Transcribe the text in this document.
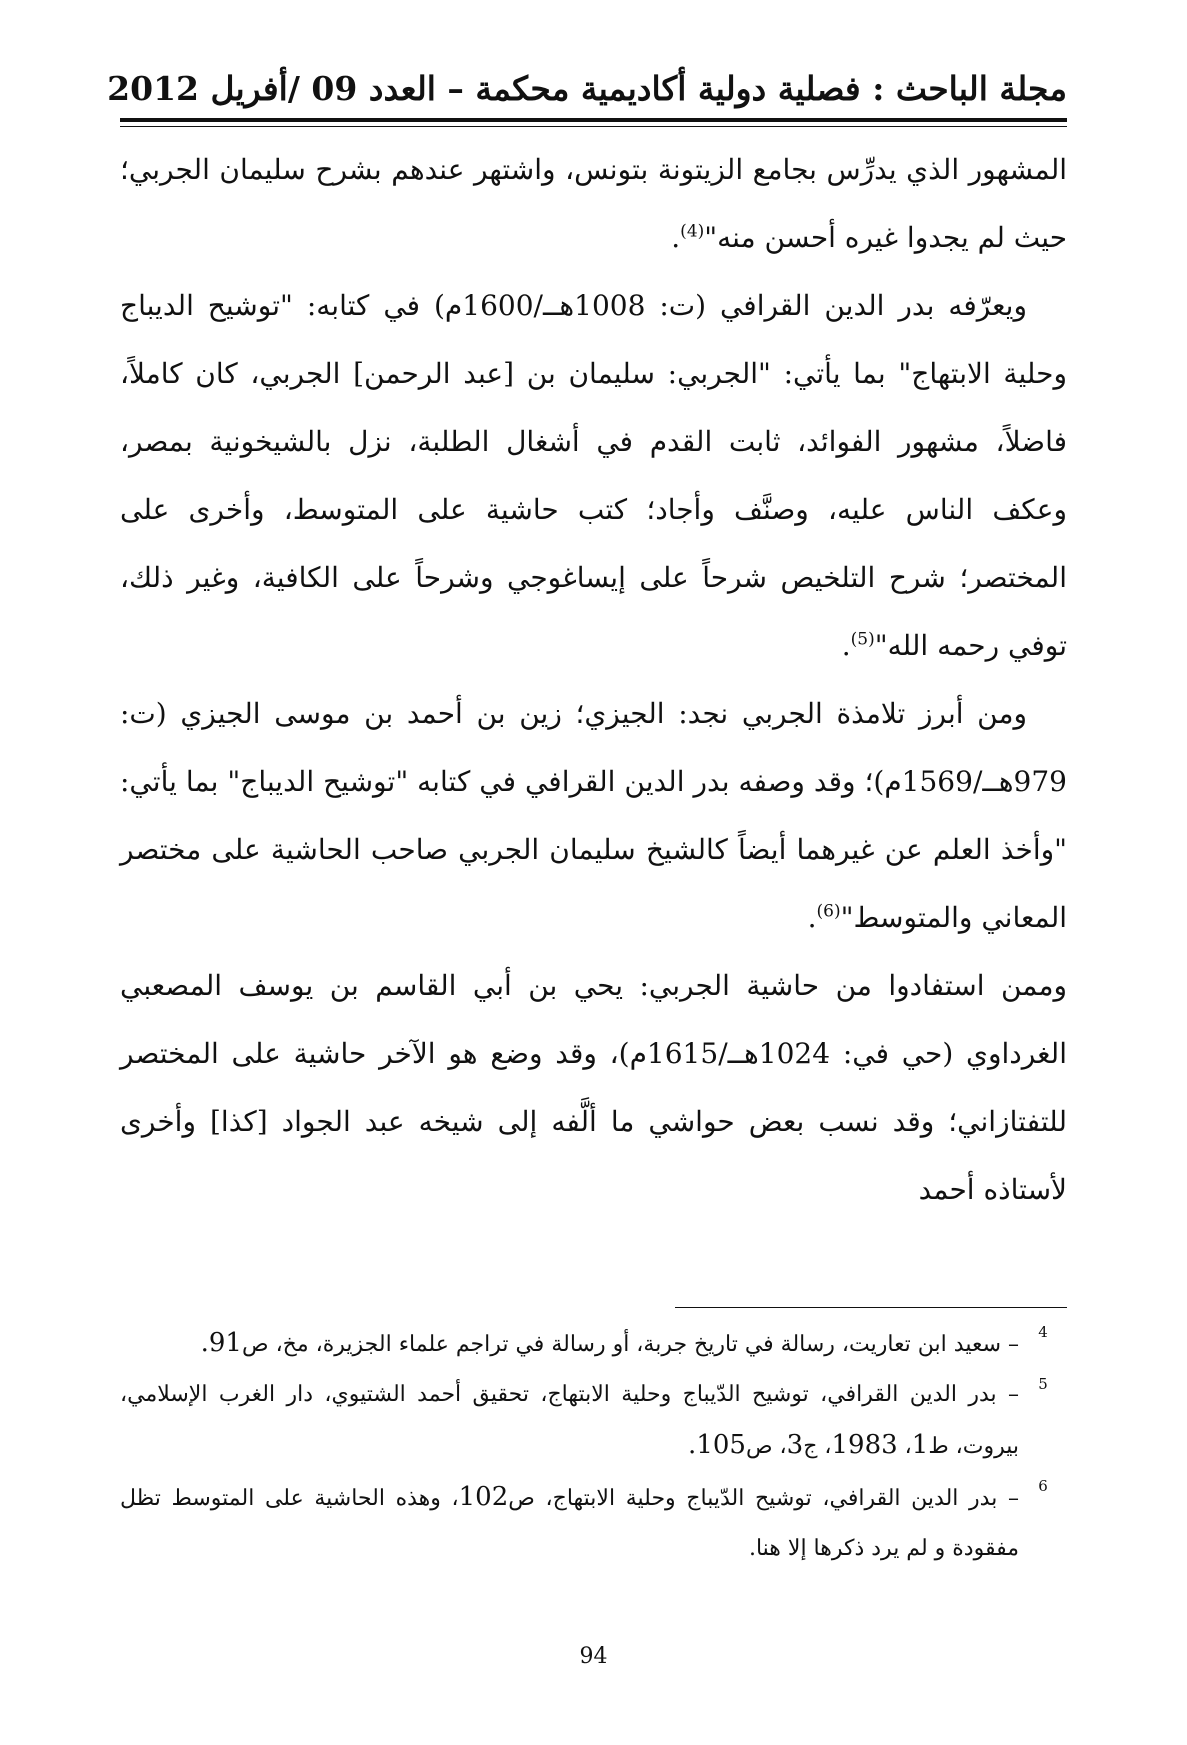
مجلة الباحث : فصلية دولية أكاديمية محكمة – العدد 09 /أفريل 2012

المشهور الذي يدرِّس بجامع الزيتونة بتونس، واشتهر عندهم بشرح سليمان الجربي؛ حيث لم يجدوا غيره أحسن منه"$^{(4)}$.

ويعرّفه بدر الدين القرافي (ت: 1008هــ/1600م) في كتابه: "توشيح الديباج وحلية الابتهاج" بما يأتي: "الجربي: سليمان بن [عبد الرحمن] الجربي، كان كاملاً، فاضلاً، مشهور الفوائد، ثابت القدم في أشغال الطلبة، نزل بالشيخونية بمصر، وعكف الناس عليه، وصنَّف وأجاد؛ كتب حاشية على المتوسط، وأخرى على المختصر؛ شرح التلخيص شرحاً على إيساغوجي وشرحاً على الكافية، وغير ذلك، توفي رحمه الله"$^{(5)}$.

ومن أبرز تلامذة الجربي نجد: الجيزي؛ زين بن أحمد بن موسى الجيزي (ت: 979هــ/1569م)؛ وقد وصفه بدر الدين القرافي في كتابه "توشيح الديباج" بما يأتي: "وأخذ العلم عن غيرهما أيضاً كالشيخ سليمان الجربي صاحب الحاشية على مختصر المعاني والمتوسط"$^{(6)}$.

وممن استفادوا من حاشية الجربي: يحي بن أبي القاسم بن يوسف المصعبي الغرداوي (حي في: 1024هــ/1615م)، وقد وضع هو الآخر حاشية على المختصر للتفتازاني؛ وقد نسب بعض حواشي ما ألَّفه إلى شيخه عبد الجواد [كذا] وأخرى لأستاذه أحمد

4
– سعيد ابن تعاريت، رسالة في تاريخ جربة، أو رسالة في تراجم علماء الجزيرة، مخ، ص91.
5
– بدر الدين القرافي، توشيح الدّيباج وحلية الابتهاج، تحقيق أحمد الشتيوي، دار الغرب الإسلامي، بيروت، ط1، 1983، ج3، ص105.
6
– بدر الدين القرافي، توشيح الدّيباج وحلية الابتهاج، ص102، وهذه الحاشية على المتوسط تظل مفقودة و لم يرد ذكرها إلا هنا.
94
